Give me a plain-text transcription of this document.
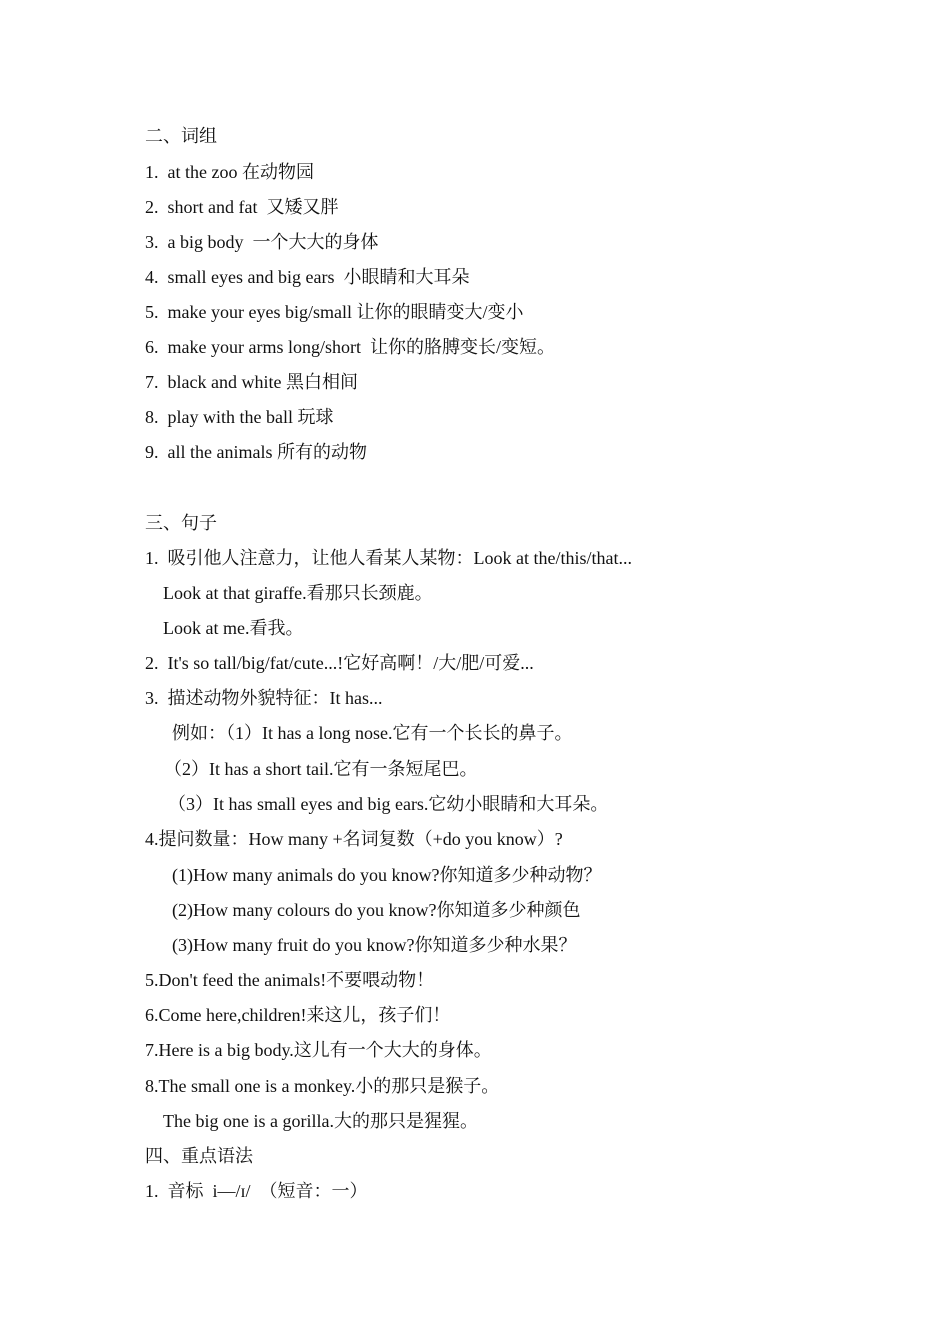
二、词组
1.  at the zoo 在动物园
2.  short and fat  又矮又胖
3.  a big body  一个大大的身体
4.  small eyes and big ears  小眼睛和大耳朵
5.  make your eyes big/small 让你的眼睛变大/变小
6.  make your arms long/short  让你的胳膊变长/变短。
7.  black and white 黑白相间
8.  play with the ball 玩球
9.  all the animals 所有的动物
三、句子
1.  吸引他人注意力，让他人看某人某物：Look at the/this/that...
Look at that giraffe.看那只长颈鹿。
Look at me.看我。
2.  It's so tall/big/fat/cute...!它好高啊！/大/肥/可爱...
3.  描述动物外貌特征：It has...
例如：（1）It has a long nose.它有一个长长的鼻子。
（2）It has a short tail.它有一条短尾巴。
（3）It has small eyes and big ears.它幼小眼睛和大耳朵。
4.提问数量：How many +名词复数（+do you know）?
(1)How many animals do you know?你知道多少种动物？
(2)How many colours do you know?你知道多少种颜色
(3)How many fruit do you know?你知道多少种水果？
5.Don't feed the animals!不要喂动物！
6.Come here,children!来这儿，孩子们！
7.Here is a big body.这儿有一个大大的身体。
8.The small one is a monkey.小的那只是猴子。
The big one is a gorilla.大的那只是猩猩。
四、重点语法
1.  音标  i—/ɪ/  （短音：一）
